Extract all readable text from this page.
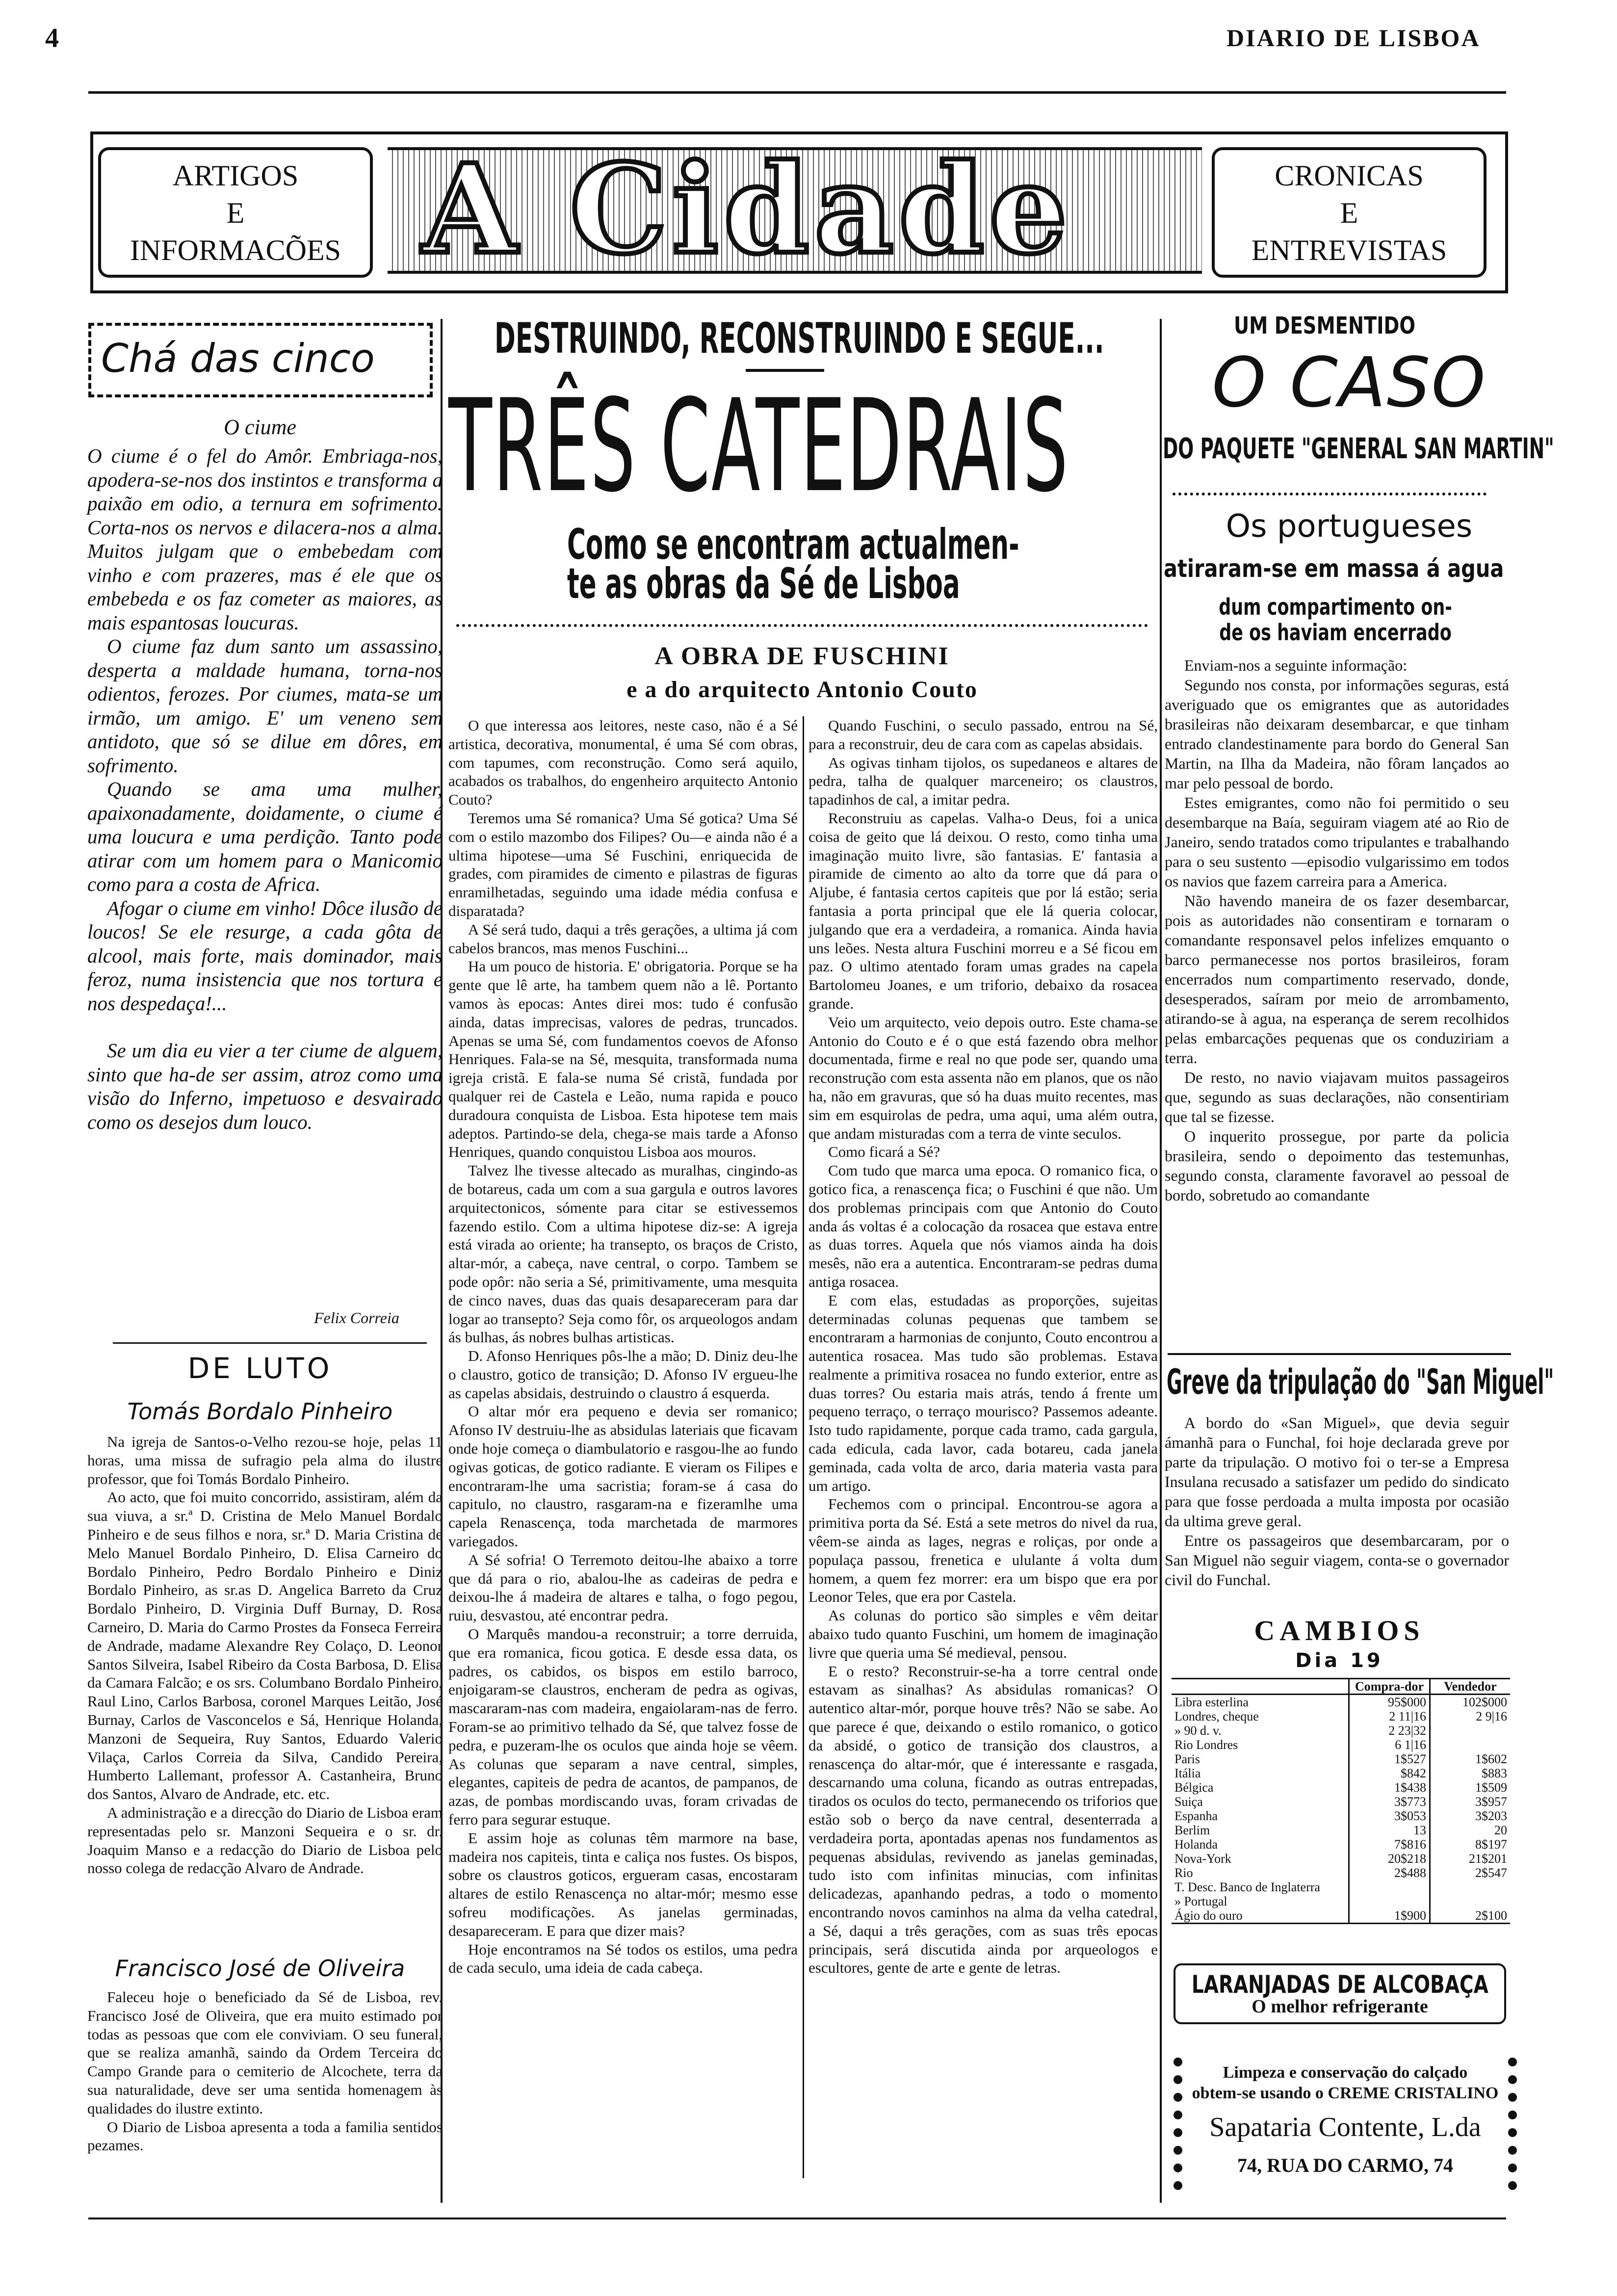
4	DIARIO DE LISBOA
ARTIGOS
E
INFORMACÕES A Cidade	CRONICAS
E
ENTREVISTAS
Chá das cinco
O ciume

O ciume é o fel do Amôr. Embriaga-nos, apodera-se-nos dos instintos e transforma a paixão em odio, a ternura em sofrimento. Corta-nos os nervos e dilacera-nos a alma. Muitos julgam que o embebedam com vinho e com prazeres, mas é ele que os embebeda e os faz cometer as maiores, as mais espantosas loucuras.

O ciume faz dum santo um assassino, desperta a maldade humana, torna-nos odientos, ferozes. Por ciumes, mata-se um irmão, um amigo. E' um veneno sem antidoto, que só se dilue em dôres, em sofrimento.

Quando se ama uma mulher, apaixonadamente, doidamente, o ciume é uma loucura e uma perdição. Tanto pode atirar com um homem para o Manicomio como para a costa de Africa.

Afogar o ciume em vinho! Dôce ilusão de loucos! Se ele resurge, a cada gôta de alcool, mais forte, mais dominador, mais feroz, numa insistencia que nos tortura e nos despedaça!...

Se um dia eu vier a ter ciume de alguem, sinto que ha-de ser assim, atroz como uma visão do Inferno, impetuoso e desvairado como os desejos dum louco.

Felix Correia
DE LUTO
Tomás Bordalo Pinheiro

Na igreja de Santos-o-Velho rezou-se hoje, pelas 11 horas, uma missa de sufragio pela alma do ilustre professor, que foi Tomás Bordalo Pinheiro.

Ao acto, que foi muito concorrido, assistiram, além da sua viuva, a sr.ª D. Cristina de Melo Manuel Bordalo Pinheiro e de seus filhos e nora, sr.ª D. Maria Cristina de Melo Manuel Bordalo Pinheiro, D. Elisa Carneiro do Bordalo Pinheiro, Pedro Bordalo Pinheiro e Diniz Bordalo Pinheiro, as sr.as D. Angelica Barreto da Cruz Bordalo Pinheiro, D. Virginia Duff Burnay, D. Rosa Carneiro, D. Maria do Carmo Prostes da Fonseca Ferreira de Andrade, madame Alexandre Rey Colaço, D. Leonor Santos Silveira, Isabel Ribeiro da Costa Barbosa, D. Elisa da Camara Falcão; e os srs. Columbano Bordalo Pinheiro, Raul Lino, Carlos Barbosa, coronel Marques Leitão, José Burnay, Carlos de Vasconcelos e Sá, Henrique Holanda, Manzoni de Sequeira, Ruy Santos, Eduardo Valerio Vilaça, Carlos Correia da Silva, Candido Pereira, Humberto Lallemant, professor A. Castanheira, Bruno dos Santos, Alvaro de Andrade, etc. etc.

A administração e a direcção do Diario de Lisboa eram representadas pelo sr. Manzoni Sequeira e o sr. dr. Joaquim Manso e a redacção do Diario de Lisboa pelo nosso colega de redacção Alvaro de Andrade.

Francisco José de Oliveira

Faleceu hoje o beneficiado da Sé de Lisboa, rev. Francisco José de Oliveira, que era muito estimado por todas as pessoas que com ele conviviam. O seu funeral, que se realiza amanhã, saindo da Ordem Terceira do Campo Grande para o cemiterio de Alcochete, terra da sua naturalidade, deve ser uma sentida homenagem às qualidades do ilustre extinto.

O Diario de Lisboa apresenta a toda a familia sentidos pezames.

DESTRUINDO, RECONSTRUINDO E SEGUE...
TRÊS CATEDRAIS
Como se encontram actualmen-
te as obras da Sé de Lisboa
A OBRA DE FUSCHINI
e a do arquitecto Antonio Couto

O que interessa aos leitores, neste caso, não é a Sé artistica, decorativa, monumental, é uma Sé com obras, com tapumes, com reconstrução. Como será aquilo, acabados os trabalhos, do engenheiro arquitecto Antonio Couto?

Teremos uma Sé romanica? Uma Sé gotica? Uma Sé com o estilo mazombo dos Filipes? Ou—e ainda não é a ultima hipotese—uma Sé Fuschini, enriquecida de grades, com piramides de cimento e pilastras de figuras enramilhetadas, seguindo uma idade média confusa e disparatada?

A Sé será tudo, daqui a três gerações, a ultima já com cabelos brancos, mas menos Fuschini...

Ha um pouco de historia. E' obrigatoria. Porque se ha gente que lê arte, ha tambem quem não a lê. Portanto vamos às epocas: Antes direi mos: tudo é confusão ainda, datas imprecisas, valores de pedras, truncados. Apenas se uma Sé, com fundamentos coevos de Afonso Henriques. Fala-se na Sé, mesquita, transformada numa igreja cristã. E fala-se numa Sé cristã, fundada por qualquer rei de Castela e Leão, numa rapida e pouco duradoura conquista de Lisboa. Esta hipotese tem mais adeptos. Partindo-se dela, chega-se mais tarde a Afonso Henriques, quando conquistou Lisboa aos mouros.

Talvez lhe tivesse altecado as muralhas, cingindo-as de botareus, cada um com a sua gargula e outros lavores arquitectonicos, sómente para citar se estivessemos fazendo estilo. Com a ultima hipotese diz-se: A igreja está virada ao oriente; ha transepto, os braços de Cristo, altar-mór, a cabeça, nave central, o corpo. Tambem se pode opôr: não seria a Sé, primitivamente, uma mesquita de cinco naves, duas das quais desapareceram para dar logar ao transepto? Seja como fôr, os arqueologos andam ás bulhas, ás nobres bulhas artisticas.

D. Afonso Henriques pôs-lhe a mão; D. Diniz deu-lhe o claustro, gotico de transição; D. Afonso IV ergueu-lhe as capelas absidais, destruindo o claustro á esquerda.

O altar mór era pequeno e devia ser romanico; Afonso IV destruiu-lhe as absidulas lateriais que ficavam onde hoje começa o diambulatorio e rasgou-lhe ao fundo ogivas goticas, de gotico radiante. E vieram os Filipes e encontraram-lhe uma sacristia; foram-se á casa do capitulo, no claustro, rasgaram-na e fizeramlhe uma capela Renascença, toda marchetada de marmores variegados.

A Sé sofria! O Terremoto deitou-lhe abaixo a torre que dá para o rio, abalou-lhe as cadeiras de pedra e deixou-lhe á madeira de altares e talha, o fogo pegou, ruiu, desvastou, até encontrar pedra.

O Marquês mandou-a reconstruir; a torre derruida, que era romanica, ficou gotica. E desde essa data, os padres, os cabidos, os bispos em estilo barroco, enjoigaram-se claustros, encheram de pedra as ogivas, mascararam-nas com madeira, engaiolaram-nas de ferro. Foram-se ao primitivo telhado da Sé, que talvez fosse de pedra, e puzeram-lhe os oculos que ainda hoje se vêem. As colunas que separam a nave central, simples, elegantes, capiteis de pedra de acantos, de pampanos, de azas, de pombas mordiscando uvas, foram crivadas de ferro para segurar estuque.

E assim hoje as colunas têm marmore na base, madeira nos capiteis, tinta e caliça nos fustes. Os bispos, sobre os claustros goticos, ergueram casas, encostaram altares de estilo Renascença no altar-mór; mesmo esse sofreu modificações. As janelas germinadas, desapareceram. E para que dizer mais?

Hoje encontramos na Sé todos os estilos, uma pedra de cada seculo, uma ideia de cada cabeça.

Quando Fuschini, o seculo passado, entrou na Sé, para a reconstruir, deu de cara com as capelas absidais.

As ogivas tinham tijolos, os supedaneos e altares de pedra, talha de qualquer marceneiro; os claustros, tapadinhos de cal, a imitar pedra.

Reconstruiu as capelas. Valha-o Deus, foi a unica coisa de geito que lá deixou. O resto, como tinha uma imaginação muito livre, são fantasias. E' fantasia a piramide de cimento ao alto da torre que dá para o Aljube, é fantasia certos capiteis que por lá estão; seria fantasia a porta principal que ele lá queria colocar, julgando que era a verdadeira, a romanica. Ainda havia uns leões. Nesta altura Fuschini morreu e a Sé ficou em paz. O ultimo atentado foram umas grades na capela Bartolomeu Joanes, e um triforio, debaixo da rosacea grande.

Veio um arquitecto, veio depois outro. Este chama-se Antonio do Couto e é o que está fazendo obra melhor documentada, firme e real no que pode ser, quando uma reconstrução com esta assenta não em planos, que os não ha, não em gravuras, que só ha duas muito recentes, mas sim em esquirolas de pedra, uma aqui, uma além outra, que andam misturadas com a terra de vinte seculos.

Como ficará a Sé?

Com tudo que marca uma epoca. O romanico fica, o gotico fica, a renascença fica; o Fuschini é que não. Um dos problemas principais com que Antonio do Couto anda ás voltas é a colocação da rosacea que estava entre as duas torres. Aquela que nós viamos ainda ha dois mesês, não era a autentica. Encontraram-se pedras duma antiga rosacea.

E com elas, estudadas as proporções, sujeitas determinadas colunas pequenas que tambem se encontraram a harmonias de conjunto, Couto encontrou a autentica rosacea. Mas tudo são problemas. Estava realmente a primitiva rosacea no fundo exterior, entre as duas torres? Ou estaria mais atrás, tendo á frente um pequeno terraço, o terraço mourisco? Passemos adeante. Isto tudo rapidamente, porque cada tramo, cada gargula, cada edicula, cada lavor, cada botareu, cada janela geminada, cada volta de arco, daria materia vasta para um artigo.

Fechemos com o principal. Encontrou-se agora a primitiva porta da Sé. Está a sete metros do nivel da rua, vêem-se ainda as lages, negras e roliças, por onde a populaça passou, frenetica e ululante á volta dum homem, a quem fez morrer: era um bispo que era por Leonor Teles, que era por Castela.

As colunas do portico são simples e vêm deitar abaixo tudo quanto Fuschini, um homem de imaginação livre que queria uma Sé medieval, pensou.

E o resto? Reconstruir-se-ha a torre central onde estavam as sinalhas? As absidulas romanicas? O autentico altar-mór, porque houve três? Não se sabe. Ao que parece é que, deixando o estilo romanico, o gotico da absidé, o gotico de transição dos claustros, a renascença do altar-mór, que é interessante e rasgada, descarnando uma coluna, ficando as outras entrepadas, tirados os oculos do tecto, permanecendo os triforios que estão sob o berço da nave central, desenterrada a verdadeira porta, apontadas apenas nos fundamentos as pequenas absidulas, revivendo as janelas geminadas, tudo isto com infinitas minucias, com infinitas delicadezas, apanhando pedras, a todo o momento encontrando novos caminhos na alma da velha catedral, a Sé, daqui a três gerações, com as suas três epocas principais, será discutida ainda por arqueologos e escultores, gente de arte e gente de letras.

UM DESMENTIDO
O CASO
DO PAQUETE "GENERAL SAN MARTIN"
Os portugueses
atiraram-se em massa á agua
dum compartimento on-
de os haviam encerrado

Enviam-nos a seguinte informação:

Segundo nos consta, por informações seguras, está averiguado que os emigrantes que as autoridades brasileiras não deixaram desembarcar, e que tinham entrado clandestinamente para bordo do General San Martin, na Ilha da Madeira, não fôram lançados ao mar pelo pessoal de bordo.

Estes emigrantes, como não foi permitido o seu desembarque na Baía, seguiram viagem até ao Rio de Janeiro, sendo tratados como tripulantes e trabalhando para o seu sustento —episodio vulgarissimo em todos os navios que fazem carreira para a America.

Não havendo maneira de os fazer desembarcar, pois as autoridades não consentiram e tornaram o comandante responsavel pelos infelizes emquanto o barco permanecesse nos portos brasileiros, foram encerrados num compartimento reservado, donde, desesperados, saíram por meio de arrombamento, atirando-se à agua, na esperança de serem recolhidos pelas embarcações pequenas que os conduziriam a terra.

De resto, no navio viajavam muitos passageiros que, segundo as suas declarações, não consentiriam que tal se fizesse.

O inquerito prossegue, por parte da policia brasileira, sendo o depoimento das testemunhas, segundo consta, claramente favoravel ao pessoal de bordo, sobretudo ao comandante

Greve da tripulação do "San Miguel"

A bordo do «San Miguel», que devia seguir ámanhã para o Funchal, foi hoje declarada greve por parte da tripulação. O motivo foi o ter-se a Empresa Insulana recusado a satisfazer um pedido do sindicato para que fosse perdoada a multa imposta por ocasião da ultima greve geral.

Entre os passageiros que desembarcaram, por o San Miguel não seguir viagem, conta-se o governador civil do Funchal.

CAMBIOS
Dia 19
	Compra-dor	Vendedor
Libra esterlina	95$000	102$000
Londres, cheque	2 11|16	2 9|16
» 90 d. v.	2 23|32	
Rio Londres	6 1|16	
Paris	1$527	1$602
Itália	$842	$883
Bélgica	1$438	1$509
Suiça	3$773	3$957
Espanha	3$053	3$203
Berlim	13	20
Holanda	7$816	8$197
Nova-York	20$218	21$201
Rio	2$488	2$547
T. Desc. Banco de Inglaterra		
» Portugal		
Ágio do ouro	1$900	2$100
LARANJADAS DE ALCOBAÇA
O melhor refrigerante
Limpeza e conservação do calçado
obtem-se usando o CREME CRISTALINO
Sapataria Contente, L.da
74, RUA DO CARMO, 74
